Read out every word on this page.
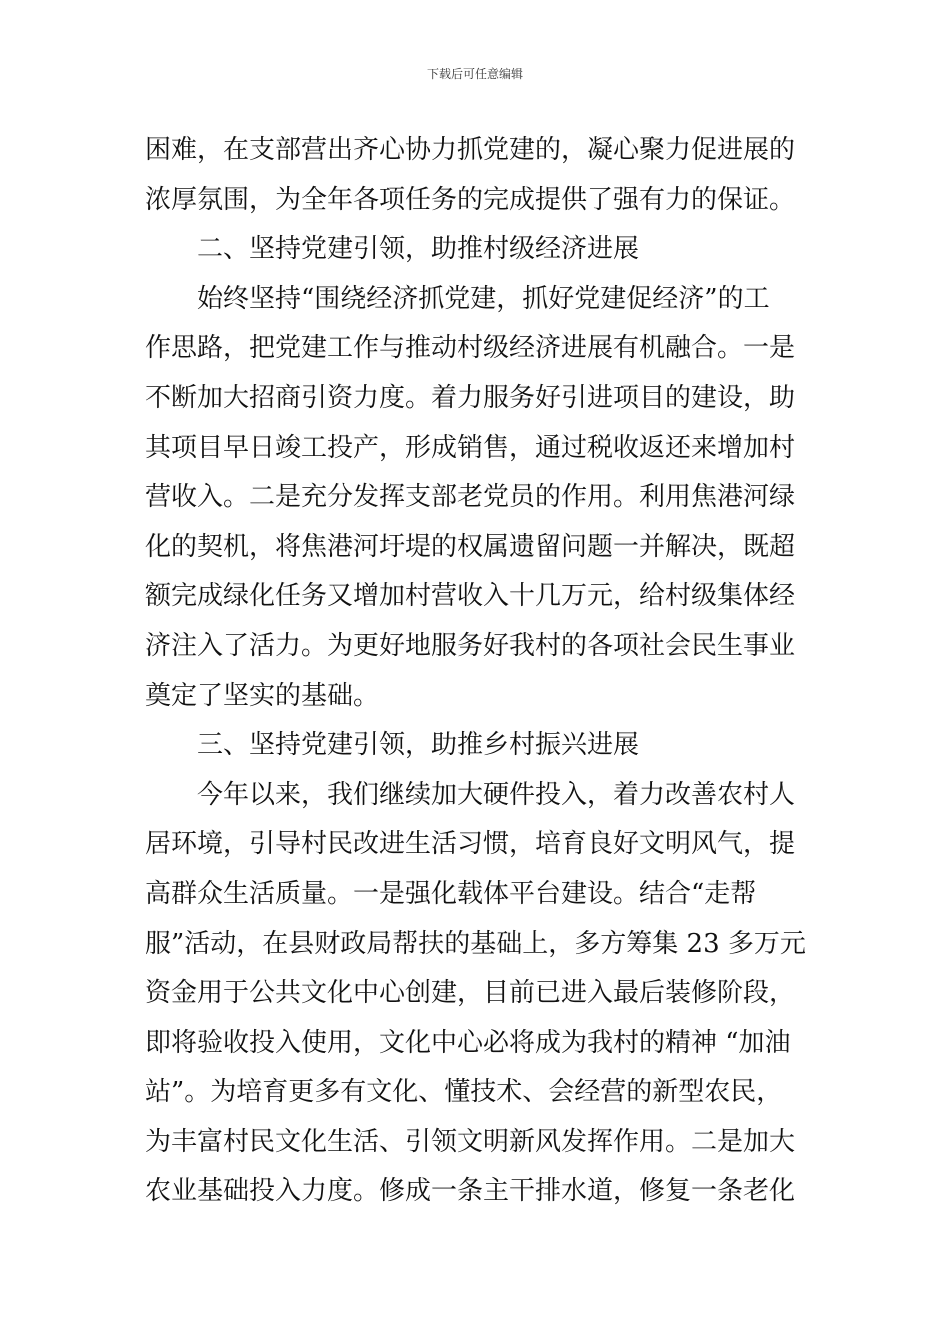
下载后可任意编辑
困难，在支部营出齐心协力抓党建的，凝心聚力促进展的
浓厚氛围，为全年各项任务的完成提供了强有力的保证。
二、坚持党建引领，助推村级经济进展
始终坚持“围绕经济抓党建，抓好党建促经济”的工
作思路，把党建工作与推动村级经济进展有机融合。一是
不断加大招商引资力度。着力服务好引进项目的建设，助
其项目早日竣工投产，形成销售，通过税收返还来增加村
营收入。二是充分发挥支部老党员的作用。利用焦港河绿
化的契机，将焦港河圩堤的权属遗留问题一并解决，既超
额完成绿化任务又增加村营收入十几万元，给村级集体经
济注入了活力。为更好地服务好我村的各项社会民生事业
奠定了坚实的基础。
三、坚持党建引领，助推乡村振兴进展
今年以来，我们继续加大硬件投入，着力改善农村人
居环境，引导村民改进生活习惯，培育良好文明风气，提
高群众生活质量。一是强化载体平台建设。结合“走帮
服”活动，在县财政局帮扶的基础上，多方筹集 23 多万元
资金用于公共文化中心创建，目前已进入最后装修阶段，
即将验收投入使用，文化中心必将成为我村的精神 “加油
站”。为培育更多有文化、懂技术、会经营的新型农民，
为丰富村民文化生活、引领文明新风发挥作用。二是加大
农业基础投入力度。修成一条主干排水道，修复一条老化
